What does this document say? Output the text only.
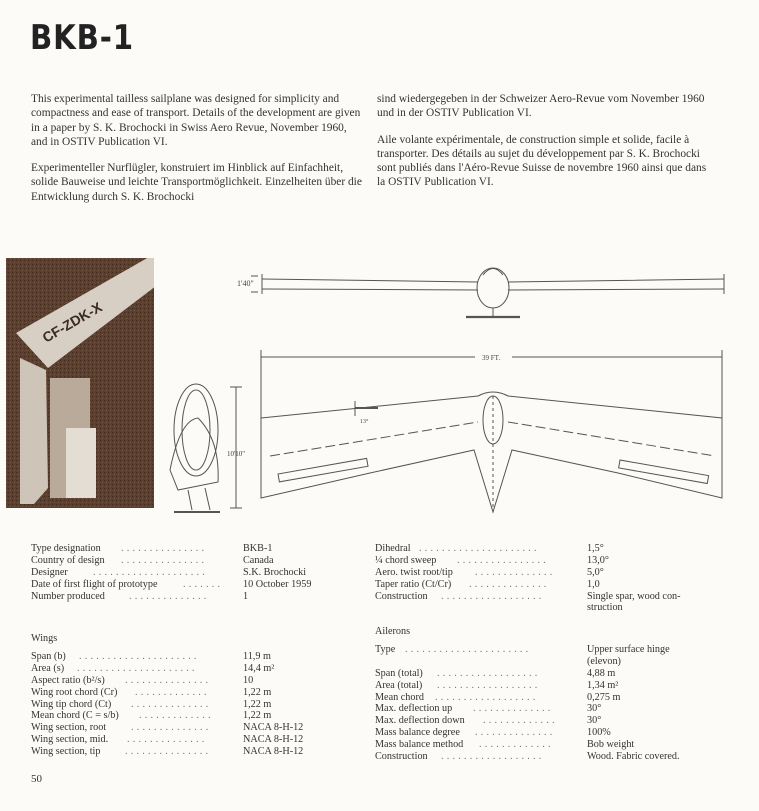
BKB-1

This experimental tailless sailplane was designed for simplicity and compactness and ease of transport. Details of the development are given in a paper by S. K. Brochocki in Swiss Aero Revue, November 1960, and in OSTIV Publication VI.

Experimenteller Nurflügler, konstruiert im Hinblick auf Einfachheit, solide Bauweise und leichte Transportmöglichkeit. Einzelheiten über die Entwicklung durch S. K. Brochocki

sind wiedergegeben in der Schweizer Aero-Revue vom November 1960 und in der OSTIV Publication VI.

Aile volante expérimentale, de construction simple et solide, facile à transporter. Des détails au sujet du développement par S. K. Brochocki sont publiés dans l'Aéro-Revue Suisse de novembre 1960 ainsi que dans la OSTIV Publication VI.

CF-ZDK-X
1'40"
39 FT.
13°
10'10"
Type designation ...............	BKB-1
Country of design ...............	Canada
Designer ....................	S.K. Brochocki
Date of first flight of prototype	.......	10 October 1959
Number produced ..............	1
Wings
Span (b) .....................	11,9 m
Area (s) .....................	14,4 m²
Aspect ratio (b²/s) ...............	10
Wing root chord (Cr) .............	1,22 m
Wing tip chord (Ct) ..............	1,22 m
Mean chord (C = s/b) .............	1,22 m
Wing section, root ..............	NACA 8-H-12
Wing section, mid. ..............	NACA 8-H-12
Wing section, tip ...............	NACA 8-H-12
Dihedral .....................	1,5°
¼ chord sweep ................	13,0°
Aero. twist root/tip ..............	5,0°
Taper ratio (Ct/Cr) ..............	1,0
Construction ..................	Single spar, wood con-
struction
Ailerons
Type ......................	Upper surface hinge
(elevon)
Span (total) ..................	4,88 m
Area (total) ..................	1,34 m²
Mean chord ..................	0,275 m
Max. deflection up ..............	30°
Max. deflection down .............	30°
Mass balance degree ..............	100%
Mass balance method .............	Bob weight
Construction ..................	Wood. Fabric covered.
50
